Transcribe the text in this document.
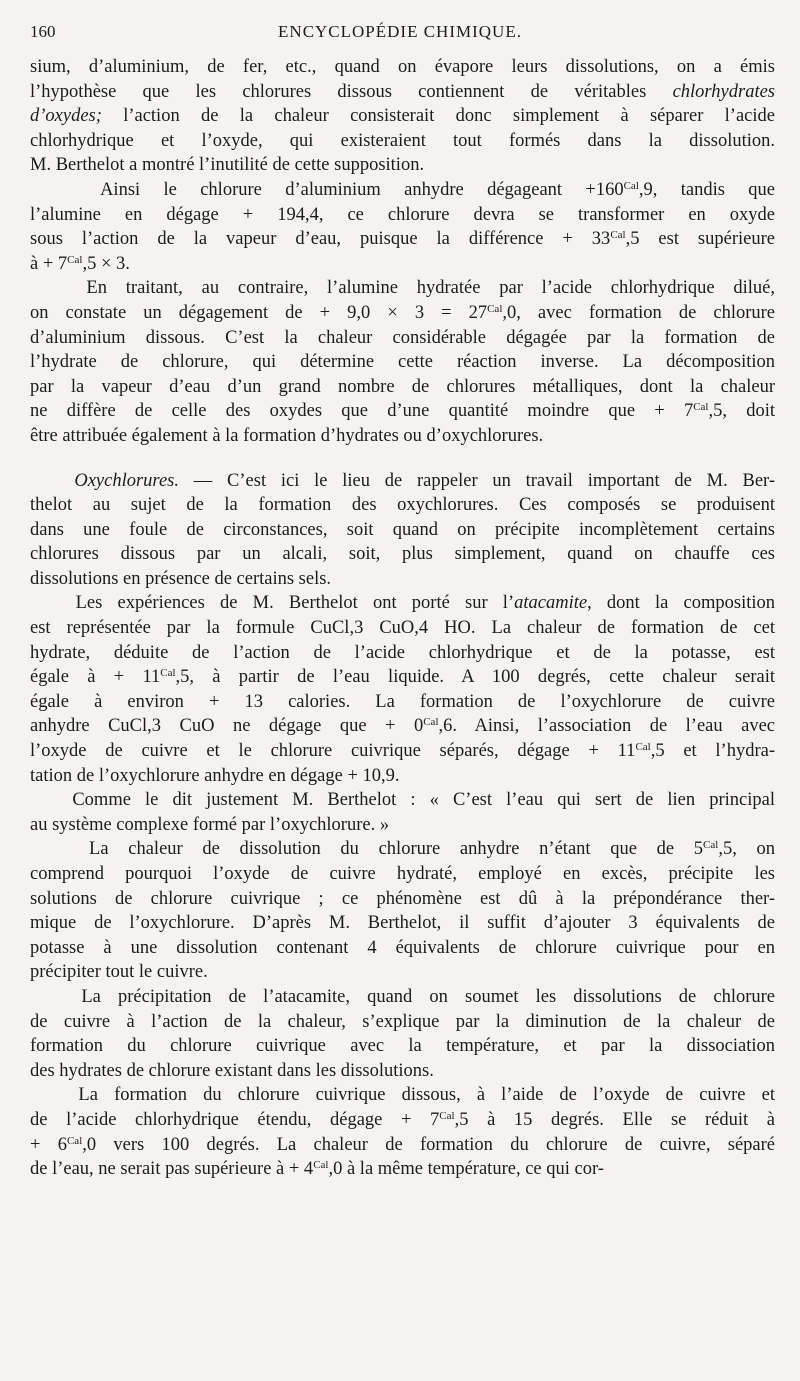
160	ENCYCLOPÉDIE CHIMIQUE.
sium, d’aluminium, de fer, etc., quand on évapore leurs dissolutions, on a émis
l’hypothèse que les chlorures dissous contiennent de véritables chlorhydrates
d’oxydes; l’action de la chaleur consisterait donc simplement à séparer l’acide
chlorhydrique et l’oxyde, qui existeraient tout formés dans la dissolution.
M. Berthelot a montré l’inutilité de cette supposition.
Ainsi le chlorure d’aluminium anhydre dégageant $+160^{Cal},9$, tandis que
l’alumine en dégage + 194,4, ce chlorure devra se transformer en oxyde
sous l’action de la vapeur d’eau, puisque la différence + $33^{Cal},5$ est supérieure
à + $7^{Cal},5 \times 3$.
En traitant, au contraire, l’alumine hydratée par l’acide chlorhydrique dilué,
on constate un dégagement de + $9,0 \times 3 = 27^{Cal},0$, avec formation de chlorure
d’aluminium dissous. C’est la chaleur considérable dégagée par la formation de
l’hydrate de chlorure, qui détermine cette réaction inverse. La décomposition
par la vapeur d’eau d’un grand nombre de chlorures métalliques, dont la chaleur
ne diffère de celle des oxydes que d’une quantité moindre que + $7^{Cal},5$, doit
être attribuée également à la formation d’hydrates ou d’oxychlorures.
Oxychlorures. — C’est ici le lieu de rappeler un travail important de M. Ber-
thelot au sujet de la formation des oxychlorures. Ces composés se produisent
dans une foule de circonstances, soit quand on précipite incomplètement certains
chlorures dissous par un alcali, soit, plus simplement, quand on chauffe ces
dissolutions en présence de certains sels.
Les expériences de M. Berthelot ont porté sur l’atacamite, dont la composition
est représentée par la formule CuCl,3 CuO,4 HO. La chaleur de formation de cet
hydrate, déduite de l’action de l’acide chlorhydrique et de la potasse, est
égale à + $11^{Cal},5$, à partir de l’eau liquide. A 100 degrés, cette chaleur serait
égale à environ + 13 calories. La formation de l’oxychlorure de cuivre
anhydre CuCl,3 CuO ne dégage que + $0^{Cal},6$. Ainsi, l’association de l’eau avec
l’oxyde de cuivre et le chlorure cuivrique séparés, dégage + $11^{Cal},5$ et l’hydra-
tation de l’oxychlorure anhydre en dégage + 10,9.
Comme le dit justement M. Berthelot : « C’est l’eau qui sert de lien principal
au système complexe formé par l’oxychlorure. »
La chaleur de dissolution du chlorure anhydre n’étant que de $5^{Cal},5$, on
comprend pourquoi l’oxyde de cuivre hydraté, employé en excès, précipite les
solutions de chlorure cuivrique ; ce phénomène est dû à la prépondérance ther-
mique de l’oxychlorure. D’après M. Berthelot, il suffit d’ajouter 3 équivalents de
potasse à une dissolution contenant 4 équivalents de chlorure cuivrique pour en
précipiter tout le cuivre.
La précipitation de l’atacamite, quand on soumet les dissolutions de chlorure
de cuivre à l’action de la chaleur, s’explique par la diminution de la chaleur de
formation du chlorure cuivrique avec la température, et par la dissociation
des hydrates de chlorure existant dans les dissolutions.
La formation du chlorure cuivrique dissous, à l’aide de l’oxyde de cuivre et
de l’acide chlorhydrique étendu, dégage + $7^{Cal},5$ à 15 degrés. Elle se réduit à
+ $6^{Cal},0$ vers 100 degrés. La chaleur de formation du chlorure de cuivre, séparé
de l’eau, ne serait pas supérieure à + $4^{Cal},0$ à la même température, ce qui cor-
